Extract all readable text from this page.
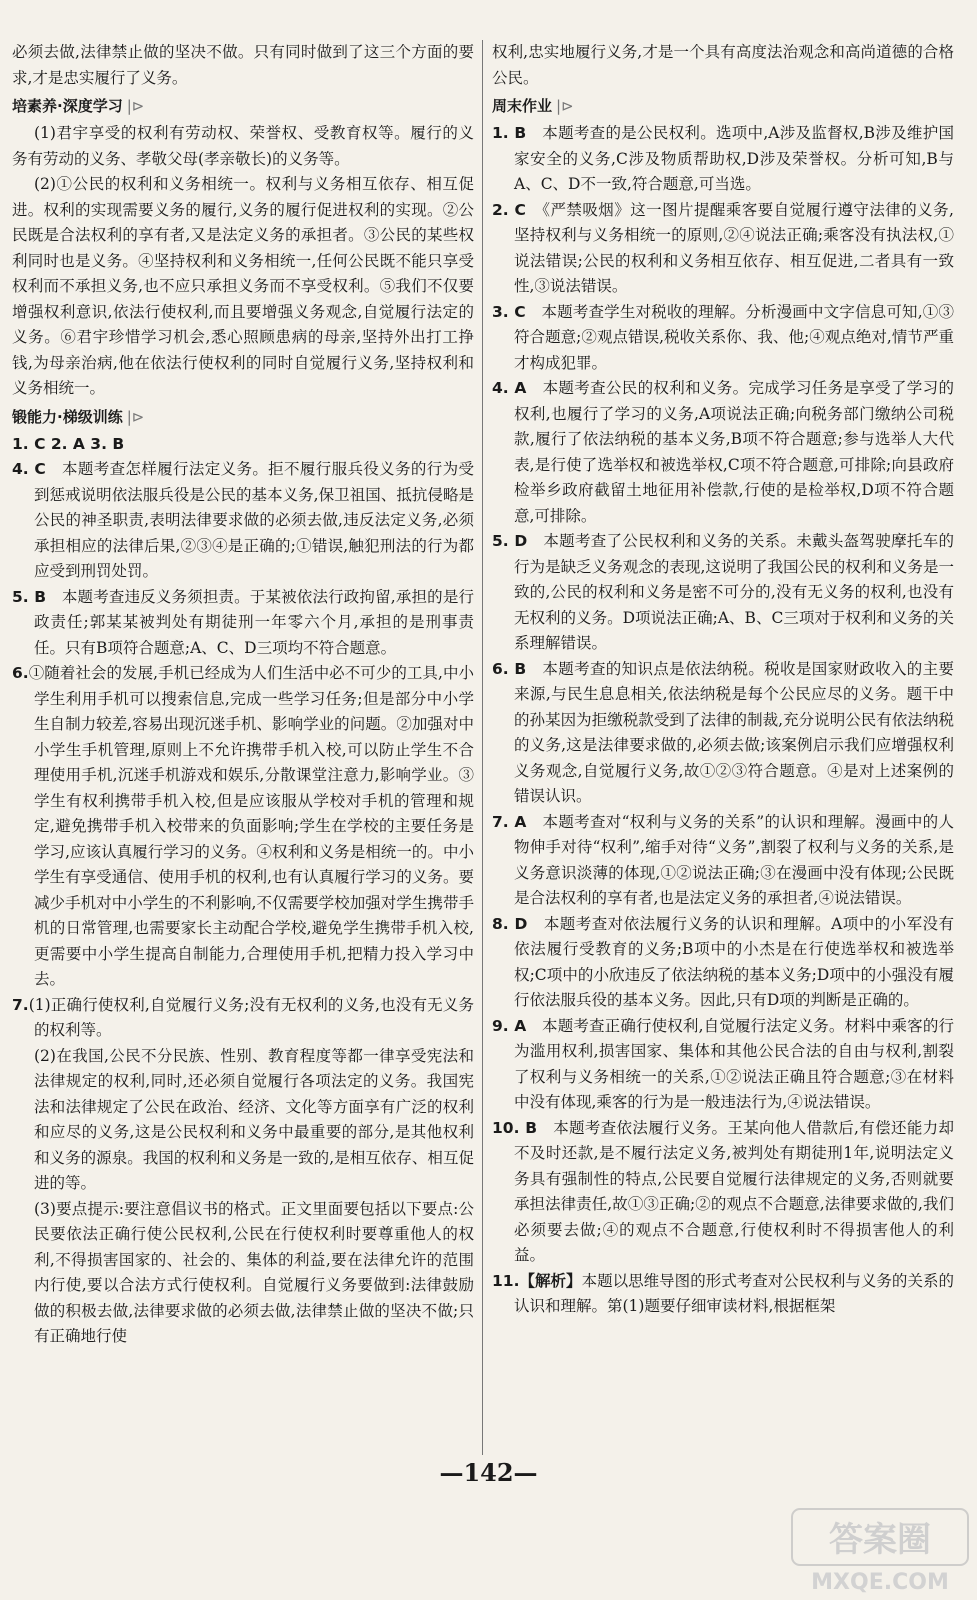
必须去做,法律禁止做的坚决不做。只有同时做到了这三个方面的要求,才是忠实履行了义务。

培素养·深度学习 |⊳

(1)君宇享受的权利有劳动权、荣誉权、受教育权等。履行的义务有劳动的义务、孝敬父母(孝亲敬长)的义务等。

(2)①公民的权利和义务相统一。权利与义务相互依存、相互促进。权利的实现需要义务的履行,义务的履行促进权利的实现。②公民既是合法权利的享有者,又是法定义务的承担者。③公民的某些权利同时也是义务。④坚持权利和义务相统一,任何公民既不能只享受权利而不承担义务,也不应只承担义务而不享受权利。⑤我们不仅要增强权利意识,依法行使权利,而且要增强义务观念,自觉履行法定的义务。⑥君宇珍惜学习机会,悉心照顾患病的母亲,坚持外出打工挣钱,为母亲治病,他在依法行使权利的同时自觉履行义务,坚持权利和义务相统一。

锻能力·梯级训练 |⊳

1. C 2. A 3. B

4. C　 本题考查怎样履行法定义务。拒不履行服兵役义务的行为受到惩戒说明依法服兵役是公民的基本义务,保卫祖国、抵抗侵略是公民的神圣职责,表明法律要求做的必须去做,违反法定义务,必须承担相应的法律后果,②③④是正确的;①错误,触犯刑法的行为都应受到刑罚处罚。

5. B　 本题考查违反义务须担责。于某被依法行政拘留,承担的是行政责任;郭某某被判处有期徒刑一年零六个月,承担的是刑事责任。只有B项符合题意;A、C、D三项均不符合题意。

6.①随着社会的发展,手机已经成为人们生活中必不可少的工具,中小学生利用手机可以搜索信息,完成一些学习任务;但是部分中小学生自制力较差,容易出现沉迷手机、影响学业的问题。②加强对中小学生手机管理,原则上不允许携带手机入校,可以防止学生不合理使用手机,沉迷手机游戏和娱乐,分散课堂注意力,影响学业。③学生有权利携带手机入校,但是应该服从学校对手机的管理和规定,避免携带手机入校带来的负面影响;学生在学校的主要任务是学习,应该认真履行学习的义务。④权利和义务是相统一的。中小学生有享受通信、使用手机的权利,也有认真履行学习的义务。要减少手机对中小学生的不利影响,不仅需要学校加强对学生携带手机的日常管理,也需要家长主动配合学校,避免学生携带手机入校,更需要中小学生提高自制能力,合理使用手机,把精力投入学习中去。

7.(1)正确行使权利,自觉履行义务;没有无权利的义务,也没有无义务的权利等。

(2)在我国,公民不分民族、性别、教育程度等都一律享受宪法和法律规定的权利,同时,还必须自觉履行各项法定的义务。我国宪法和法律规定了公民在政治、经济、文化等方面享有广泛的权利和应尽的义务,这是公民权利和义务中最重要的部分,是其他权利和义务的源泉。我国的权利和义务是一致的,是相互依存、相互促进的等。

(3)要点提示:要注意倡议书的格式。正文里面要包括以下要点:公民要依法正确行使公民权利,公民在行使权利时要尊重他人的权利,不得损害国家的、社会的、集体的利益,要在法律允许的范围内行使,要以合法方式行使权利。自觉履行义务要做到:法律鼓励做的积极去做,法律要求做的必须去做,法律禁止做的坚决不做;只有正确地行使

权利,忠实地履行义务,才是一个具有高度法治观念和高尚道德的合格公民。

周末作业 |⊳

1. B　 本题考查的是公民权利。选项中,A涉及监督权,B涉及维护国家安全的义务,C涉及物质帮助权,D涉及荣誉权。分析可知,B与A、C、D不一致,符合题意,可当选。

2. C　 《严禁吸烟》这一图片提醒乘客要自觉履行遵守法律的义务,坚持权利与义务相统一的原则,②④说法正确;乘客没有执法权,①说法错误;公民的权利和义务相互依存、相互促进,二者具有一致性,③说法错误。

3. C　 本题考查学生对税收的理解。分析漫画中文字信息可知,①③符合题意;②观点错误,税收关系你、我、他;④观点绝对,情节严重才构成犯罪。

4. A　 本题考查公民的权利和义务。完成学习任务是享受了学习的权利,也履行了学习的义务,A项说法正确;向税务部门缴纳公司税款,履行了依法纳税的基本义务,B项不符合题意;参与选举人大代表,是行使了选举权和被选举权,C项不符合题意,可排除;向县政府检举乡政府截留土地征用补偿款,行使的是检举权,D项不符合题意,可排除。

5. D　 本题考查了公民权利和义务的关系。未戴头盔驾驶摩托车的行为是缺乏义务观念的表现,这说明了我国公民的权利和义务是一致的,公民的权利和义务是密不可分的,没有无义务的权利,也没有无权利的义务。D项说法正确;A、B、C三项对于权利和义务的关系理解错误。

6. B　 本题考查的知识点是依法纳税。税收是国家财政收入的主要来源,与民生息息相关,依法纳税是每个公民应尽的义务。题干中的孙某因为拒缴税款受到了法律的制裁,充分说明公民有依法纳税的义务,这是法律要求做的,必须去做;该案例启示我们应增强权利义务观念,自觉履行义务,故①②③符合题意。④是对上述案例的错误认识。

7. A　 本题考查对“权利与义务的关系”的认识和理解。漫画中的人物伸手对待“权利”,缩手对待“义务”,割裂了权利与义务的关系,是义务意识淡薄的体现,①②说法正确;③在漫画中没有体现;公民既是合法权利的享有者,也是法定义务的承担者,④说法错误。

8. D　 本题考查对依法履行义务的认识和理解。A项中的小军没有依法履行受教育的义务;B项中的小杰是在行使选举权和被选举权;C项中的小欣违反了依法纳税的基本义务;D项中的小强没有履行依法服兵役的基本义务。因此,只有D项的判断是正确的。

9. A　 本题考查正确行使权利,自觉履行法定义务。材料中乘客的行为滥用权利,损害国家、集体和其他公民合法的自由与权利,割裂了权利与义务相统一的关系,①②说法正确且符合题意;③在材料中没有体现,乘客的行为是一般违法行为,④说法错误。

10. B　 本题考查依法履行义务。王某向他人借款后,有偿还能力却不及时还款,是不履行法定义务,被判处有期徒刑1年,说明法定义务具有强制性的特点,公民要自觉履行法律规定的义务,否则就要承担法律责任,故①③正确;②的观点不合题意,法律要求做的,我们必须要去做;④的观点不合题意,行使权利时不得损害他人的利益。

11.【解析】本题以思维导图的形式考查对公民权利与义务的关系的认识和理解。第(1)题要仔细审读材料,根据框架

—142—
答案圈
MXQE.COM
